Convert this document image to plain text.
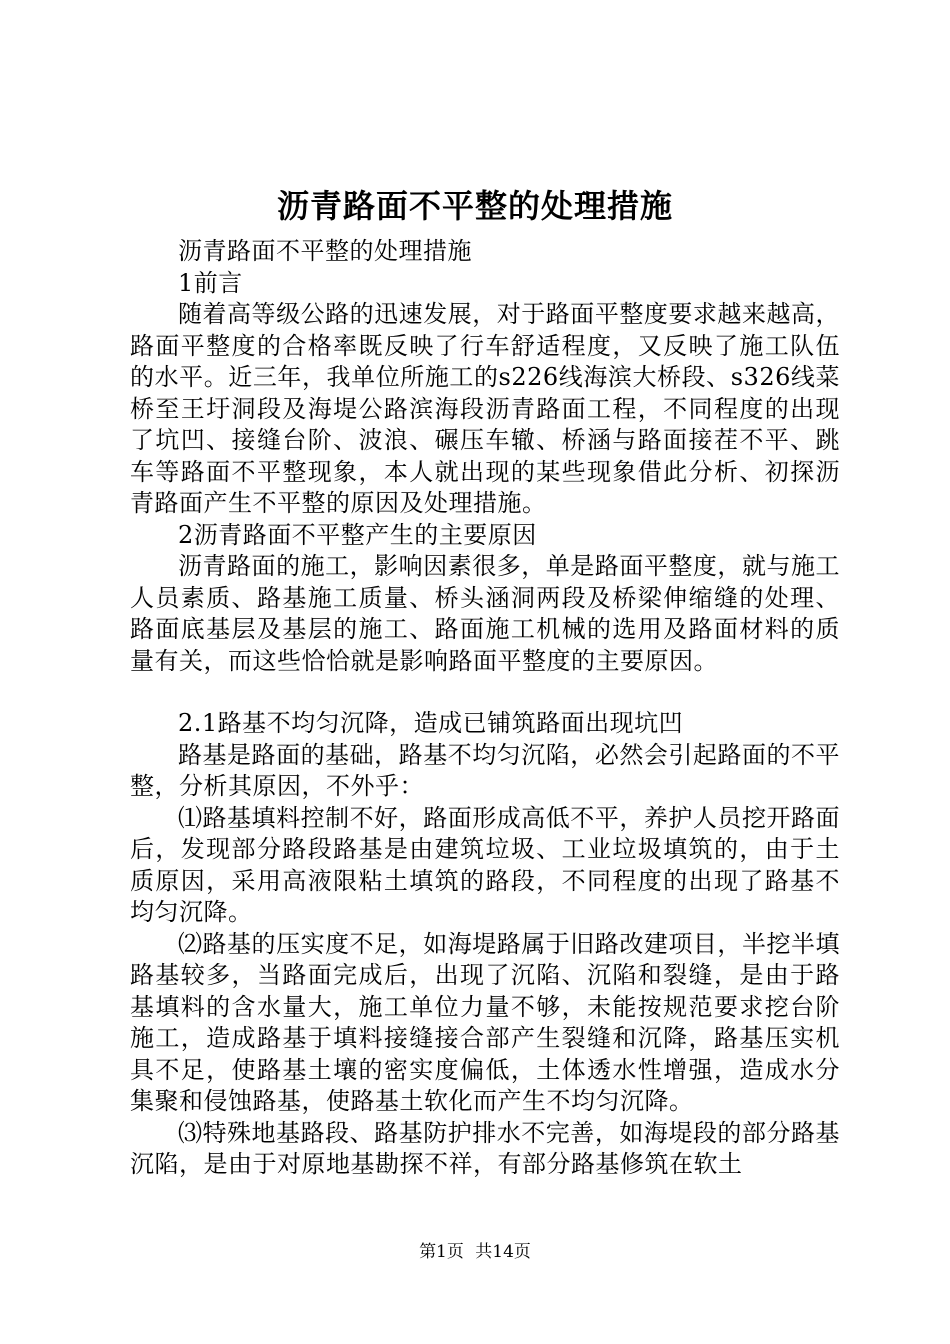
沥青路面不平整的处理措施

沥青路面不平整的处理措施

1前言

随着高等级公路的迅速发展，对于路面平整度要求越来越高，路面平整度的合格率既反映了行车舒适程度，又反映了施工队伍的水平。近三年，我单位所施工的s226线海滨大桥段、s326线菜桥至王圩洞段及海堤公路滨海段沥青路面工程，不同程度的出现了坑凹、接缝台阶、波浪、碾压车辙、桥涵与路面接茬不平、跳车等路面不平整现象，本人就出现的某些现象借此分析、初探沥青路面产生不平整的原因及处理措施。

2沥青路面不平整产生的主要原因

沥青路面的施工，影响因素很多，单是路面平整度，就与施工人员素质、路基施工质量、桥头涵洞两段及桥梁伸缩缝的处理、路面底基层及基层的施工、路面施工机械的选用及路面材料的质量有关，而这些恰恰就是影响路面平整度的主要原因。

2.1路基不均匀沉降，造成已铺筑路面出现坑凹

路基是路面的基础，路基不均匀沉陷，必然会引起路面的不平整，分析其原因，不外乎：

⑴路基填料控制不好，路面形成高低不平，养护人员挖开路面后，发现部分路段路基是由建筑垃圾、工业垃圾填筑的，由于土质原因，采用高液限粘土填筑的路段，不同程度的出现了路基不均匀沉降。

⑵路基的压实度不足，如海堤路属于旧路改建项目，半挖半填路基较多，当路面完成后，出现了沉陷、沉陷和裂缝，是由于路基填料的含水量大，施工单位力量不够，未能按规范要求挖台阶施工，造成路基于填料接缝接合部产生裂缝和沉降，路基压实机具不足，使路基土壤的密实度偏低，土体透水性增强，造成水分集聚和侵蚀路基，使路基土软化而产生不均匀沉降。

⑶特殊地基路段、路基防护排水不完善，如海堤段的部分路基沉陷，是由于对原地基勘探不祥，有部分路基修筑在软土

第1页 共14页
